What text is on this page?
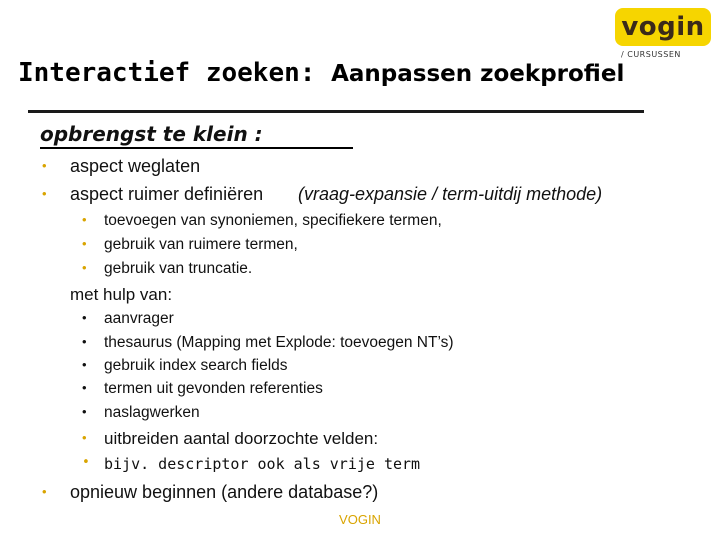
vogin
/ CURSUSSEN
Interactief zoeken: Aanpassen zoekprofiel
opbrengst te klein :
• aspect weglaten
• aspect ruimer definiëren (vraag-expansie / term-uitdij methode)
• toevoegen van synoniemen, specifiekere termen,
• gebruik van ruimere termen,
• gebruik van truncatie.
met hulp van:
• aanvrager
• thesaurus (Mapping met Explode: toevoegen NT’s)
• gebruik index search fields
• termen uit gevonden referenties
• naslagwerken
• uitbreiden aantal doorzochte velden:
• bijv. descriptor ook als vrije term
• opnieuw beginnen (andere database?)
VOGIN
